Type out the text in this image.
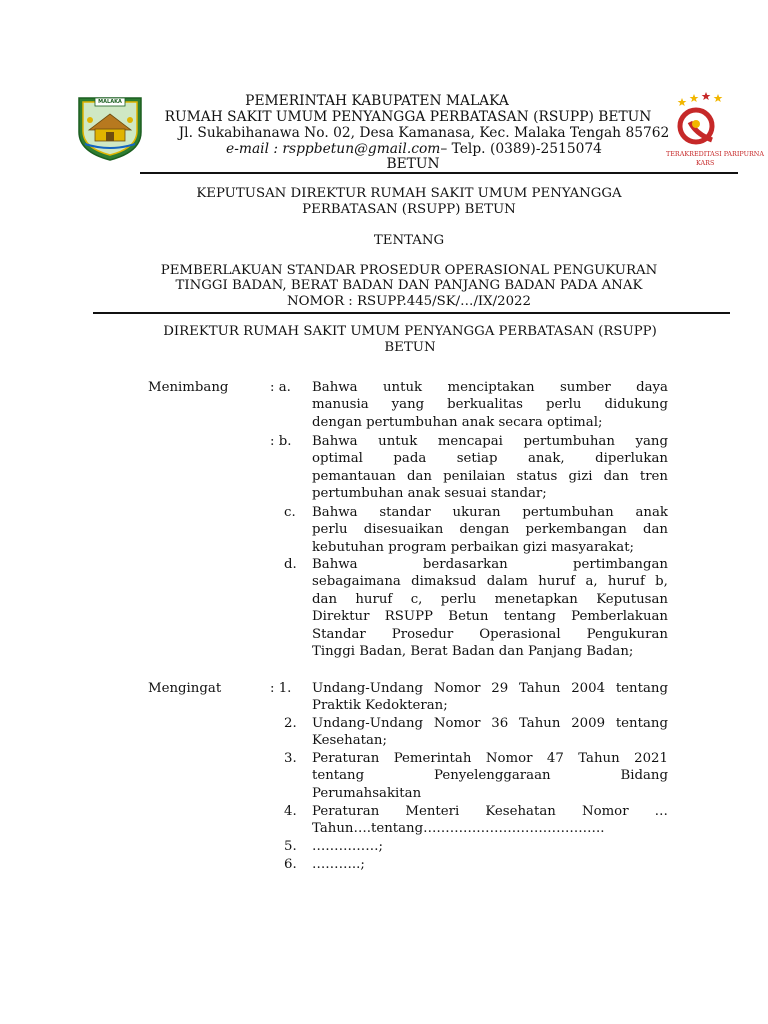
MALAKA
TERAKREDITASI PARIPURNA
KARS
PEMERINTAH KABUPATEN MALAKA
RUMAH SAKIT UMUM PENYANGGA PERBATASAN (RSUPP) BETUN
Jl. Sukabihanawa No. 02, Desa Kamanasa, Kec. Malaka Tengah 85762
e-mail : rsppbetun@gmail.com– Telp. (0389)-2515074
BETUN
KEPUTUSAN DIREKTUR RUMAH SAKIT UMUM PENYANGGA
PERBATASAN (RSUPP) BETUN
TENTANG
PEMBERLAKUAN STANDAR PROSEDUR OPERASIONAL PENGUKURAN
TINGGI BADAN, BERAT BADAN DAN PANJANG BADAN PADA ANAK
NOMOR : RSUPP.445/SK/…/IX/2022
DIREKTUR RUMAH SAKIT UMUM PENYANGGA PERBATASAN (RSUPP)
BETUN
Menimbang	: a. Bahwa untuk menciptakan sumber daya
manusia yang berkualitas perlu didukung
dengan pertumbuhan anak secara optimal;
: b. Bahwa untuk mencapai pertumbuhan yang
optimal pada setiap anak, diperlukan
pemantauan dan penilaian status gizi dan tren
pertumbuhan anak sesuai standar;
c. Bahwa standar ukuran pertumbuhan anak
perlu disesuaikan dengan perkembangan dan
kebutuhan program perbaikan gizi masyarakat;
d. Bahwa	berdasarkan	pertimbangan
sebagaimana dimaksud dalam huruf a, huruf b,
dan huruf c, perlu menetapkan Keputusan
Direktur RSUPP Betun tentang Pemberlakuan
Standar Prosedur Operasional Pengukuran
Tinggi Badan, Berat Badan dan Panjang Badan;
Mengingat	: 1. Undang-Undang Nomor 29 Tahun 2004 tentang
Praktik Kedokteran;
2. Undang-Undang Nomor 36 Tahun 2009 tentang
Kesehatan;
3. Peraturan Pemerintah Nomor 47 Tahun 2021
tentang	Penyelenggaraan	Bidang
Perumahsakitan
4. Peraturan Menteri Kesehatan Nomor …
Tahun….tentang…………………………………..
5. ……………;
6. ………..;
